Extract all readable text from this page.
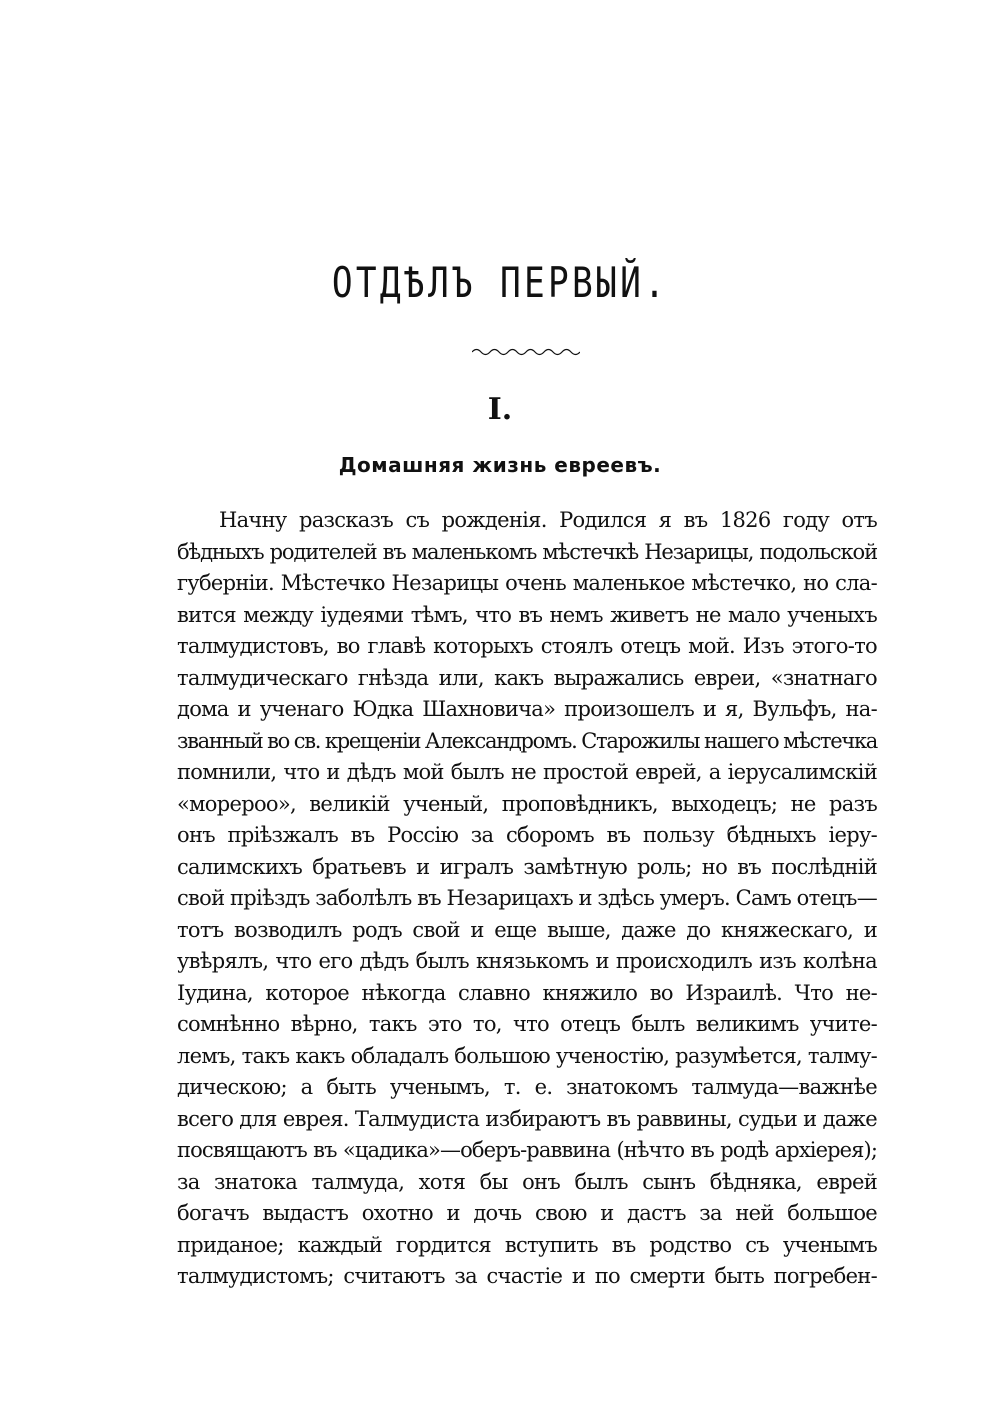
ОТДѢЛЪ ПЕРВЫЙ.
I.
Домашняя жизнь евреевъ.
Начну разсказъ съ рожденія. Родился я въ 1826 году отъ
бѣдныхъ родителей въ маленькомъ мѣстечкѣ Незарицы, подольской
губерніи. Мѣстечко Незарицы очень маленькое мѣстечко, но сла-
вится между іудеями тѣмъ, что въ немъ живетъ не мало ученыхъ
талмудистовъ, во главѣ которыхъ стоялъ отецъ мой. Изъ этого-то
талмудическаго гнѣзда или, какъ выражались евреи, «знатнаго
дома и ученаго Юдка Шахновича» произошелъ и я, Вульфъ, на-
званный во св. крещеніи Александромъ. Старожилы нашего мѣстечка
помнили, что и дѣдъ мой былъ не простой еврей, а іерусалимскій
«морероо», великій ученый, проповѣдникъ, выходецъ; не разъ
онъ пріѣзжалъ въ Россію за сборомъ въ пользу бѣдныхъ іеру-
салимскихъ братьевъ и игралъ замѣтную роль; но въ послѣдній
свой пріѣздъ заболѣлъ въ Незарицахъ и здѣсь умеръ. Самъ отецъ—
тотъ возводилъ родъ свой и еще выше, даже до княжескаго, и
увѣрялъ, что его дѣдъ былъ князькомъ и происходилъ изъ колѣна
Іудина, которое нѣкогда славно княжило во Израилѣ. Что не-
сомнѣнно вѣрно, такъ это то, что отецъ былъ великимъ учите-
лемъ, такъ какъ обладалъ большою ученостію, разумѣется, талму-
дическою; а быть ученымъ, т. е. знатокомъ талмуда—важнѣе
всего для еврея. Талмудиста избираютъ въ раввины, судьи и даже
посвящаютъ въ «цадика»—оберъ-раввина (нѣчто въ родѣ архіерея);
за знатока талмуда, хотя бы онъ былъ сынъ бѣдняка, еврей
богачъ выдастъ охотно и дочь свою и дастъ за ней большое
приданое; каждый гордится вступить въ родство съ ученымъ
талмудистомъ; считаютъ за счастіе и по смерти быть погребен-
